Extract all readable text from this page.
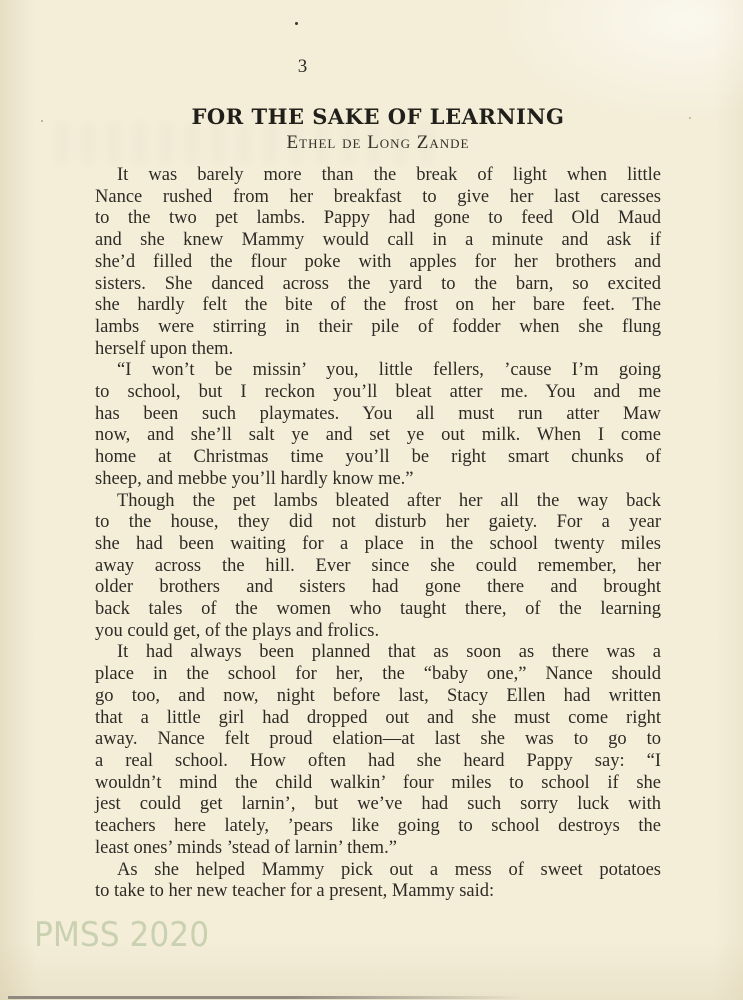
3
FOR THE SAKE OF LEARNING
Ethel de Long Zande
It was barely more than the break of light when little
Nance rushed from her breakfast to give her last caresses
to the two pet lambs. Pappy had gone to feed Old Maud
and she knew Mammy would call in a minute and ask if
she’d filled the flour poke with apples for her brothers and
sisters. She danced across the yard to the barn, so excited
she hardly felt the bite of the frost on her bare feet. The
lambs were stirring in their pile of fodder when she flung
herself upon them.
“I won’t be missin’ you, little fellers, ’cause I’m going
to school, but I reckon you’ll bleat atter me. You and me
has been such playmates. You all must run atter Maw
now, and she’ll salt ye and set ye out milk. When I come
home at Christmas time you’ll be right smart chunks of
sheep, and mebbe you’ll hardly know me.”
Though the pet lambs bleated after her all the way back
to the house, they did not disturb her gaiety. For a year
she had been waiting for a place in the school twenty miles
away across the hill. Ever since she could remember, her
older brothers and sisters had gone there and brought
back tales of the women who taught there, of the learning
you could get, of the plays and frolics.
It had always been planned that as soon as there was a
place in the school for her, the “baby one,” Nance should
go too, and now, night before last, Stacy Ellen had written
that a little girl had dropped out and she must come right
away. Nance felt proud elation—at last she was to go to
a real school. How often had she heard Pappy say: “I
wouldn’t mind the child walkin’ four miles to school if she
jest could get larnin’, but we’ve had such sorry luck with
teachers here lately, ’pears like going to school destroys the
least ones’ minds ’stead of larnin’ them.”
As she helped Mammy pick out a mess of sweet potatoes
to take to her new teacher for a present, Mammy said:
PMSS 2020
